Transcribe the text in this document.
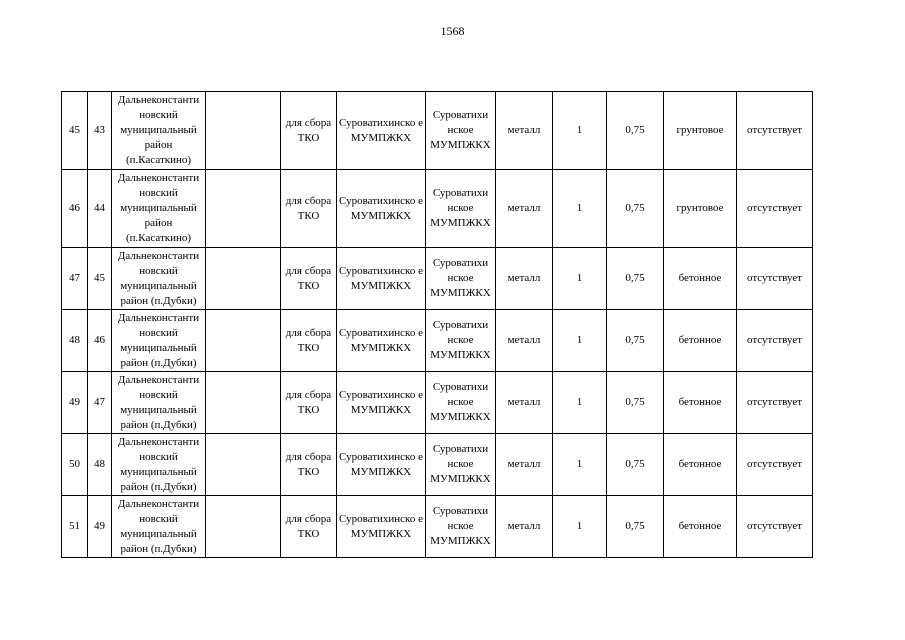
1568
45	43	Дальнеконстанти новский муниципальный район (п.Касаткино)		для сбора ТКО	Суроватихинско е МУМПЖКХ	Суроватихи нское МУМПЖКХ	металл	1	0,75	грунтовое	отсутствует
46	44	Дальнеконстанти новский муниципальный район (п.Касаткино)		для сбора ТКО	Суроватихинско е МУМПЖКХ	Суроватихи нское МУМПЖКХ	металл	1	0,75	грунтовое	отсутствует
47	45	Дальнеконстанти новский муниципальный район (п.Дубки)		для сбора ТКО	Суроватихинско е МУМПЖКХ	Суроватихи нское МУМПЖКХ	металл	1	0,75	бетонное	отсутствует
48	46	Дальнеконстанти новский муниципальный район (п.Дубки)		для сбора ТКО	Суроватихинско е МУМПЖКХ	Суроватихи нское МУМПЖКХ	металл	1	0,75	бетонное	отсутствует
49	47	Дальнеконстанти новский муниципальный район (п.Дубки)		для сбора ТКО	Суроватихинско е МУМПЖКХ	Суроватихи нское МУМПЖКХ	металл	1	0,75	бетонное	отсутствует
50	48	Дальнеконстанти новский муниципальный район (п.Дубки)		для сбора ТКО	Суроватихинско е МУМПЖКХ	Суроватихи нское МУМПЖКХ	металл	1	0,75	бетонное	отсутствует
51	49	Дальнеконстанти новский муниципальный район (п.Дубки)		для сбора ТКО	Суроватихинско е МУМПЖКХ	Суроватихи нское МУМПЖКХ	металл	1	0,75	бетонное	отсутствует
